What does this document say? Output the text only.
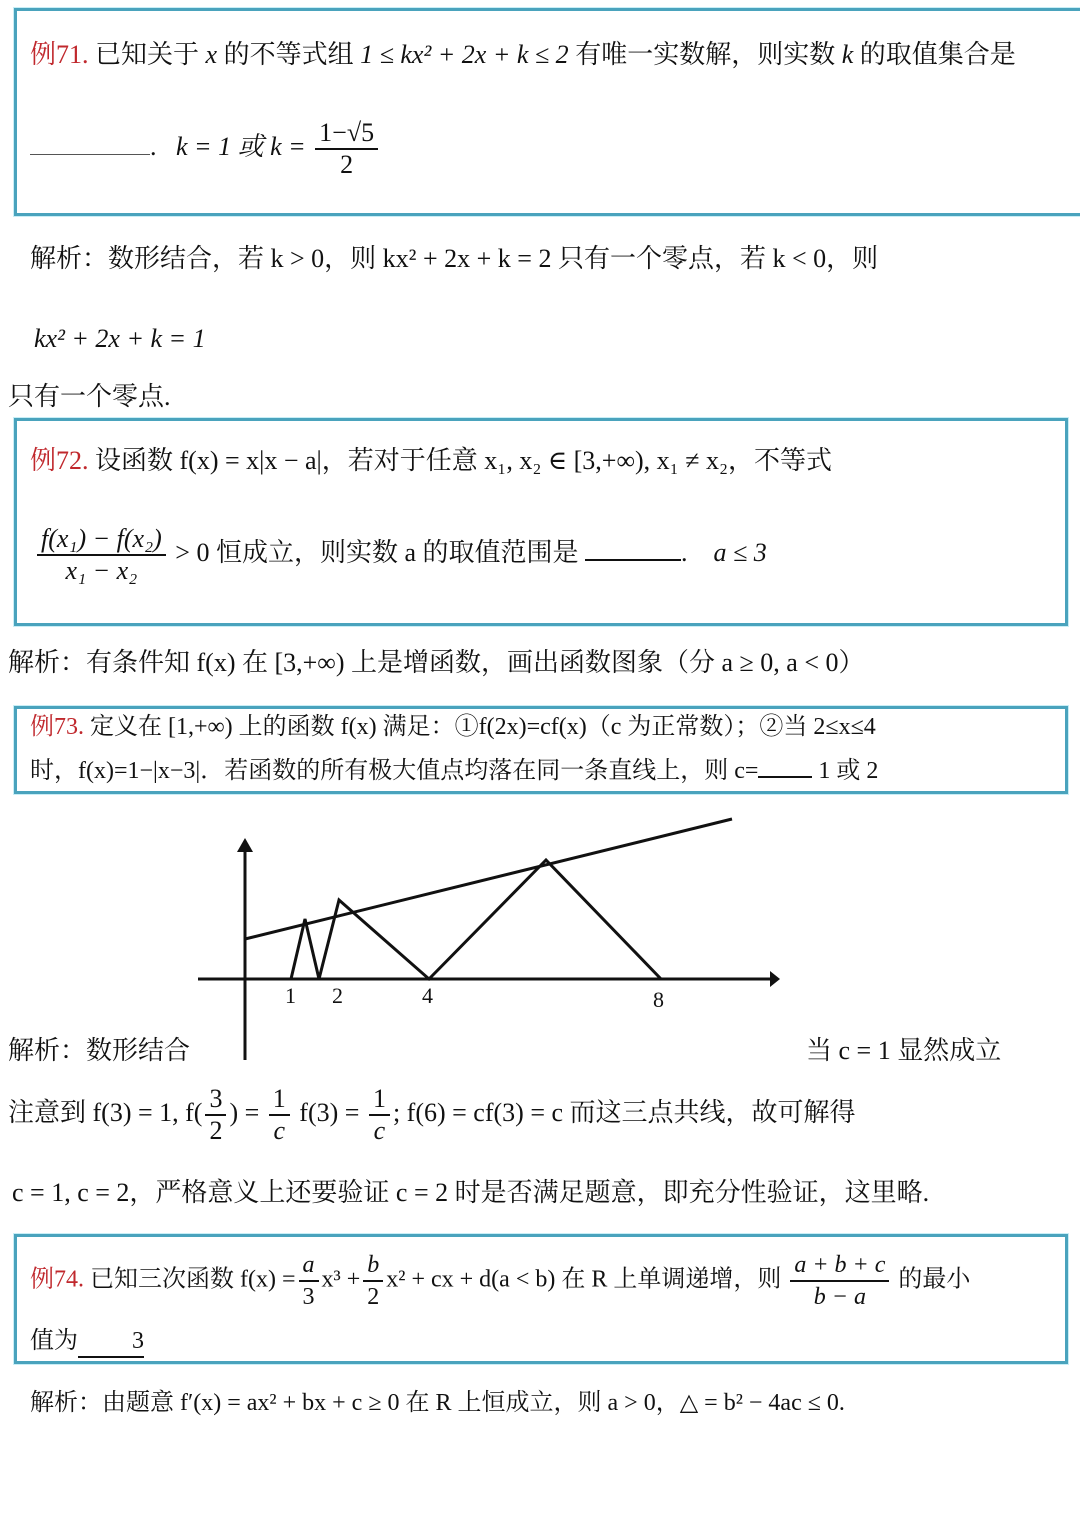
例71. 已知关于 x 的不等式组 1 ≤ kx² + 2x + k ≤ 2 有唯一实数解，则实数 k 的取值集合是
.   k = 1 或 $k = \frac{1-√5}{2}$
解析：数形结合，若 k > 0，则 kx² + 2x + k = 2 只有一个零点，若 k < 0，则
kx² + 2x + k = 1
只有一个零点.
例72. 设函数 f(x) = x|x − a|，若对于任意 x₁, x₂ ∈ [3,+∞), x₁ ≠ x₂，不等式
$\frac{\text{f(x₁) − f(x₂)}}{\text{x₁ − x₂}} > 0$ 恒成立，则实数 a 的取值范围是	.    a ≤ 3
解析：有条件知 f(x) 在 [3,+∞) 上是增函数，画出函数图象（分 a ≥ 0, a < 0）
例73. 定义在 [1,+∞) 上的函数 f(x) 满足：①f(2x)=cf(x)（c 为正常数）；②当 2≤x≤4
时，f(x)=1−|x−3|．若函数的所有极大值点均落在同一条直线上，则 c=	1 或 2
1 2	4	8
解析：数形结合	当 c = 1 显然成立
注意到 f(3) = 1, $f( \frac{3}{2}$ ) = $\frac{1}{c} f(3) = \frac{1}{c}$ ; f(6) = cf(3) = c 而这三点共线，故可解得
c = 1, c = 2，严格意义上还要验证 c = 2 时是否满足题意，即充分性验证，这里略.
例74. 已知三次函数 $f(x) = \frac{a}{3} x^3 + \frac{b}{2} x^2$ + cx + d(a < b) 在 R 上单调递增，则 $\frac{a + b + c}{b - a}$ 的最小
值为 3
解析：由题意 f′(x) = ax² + bx + c ≥ 0 在 R 上恒成立，则 a > 0，△ = b² − 4ac ≤ 0.
